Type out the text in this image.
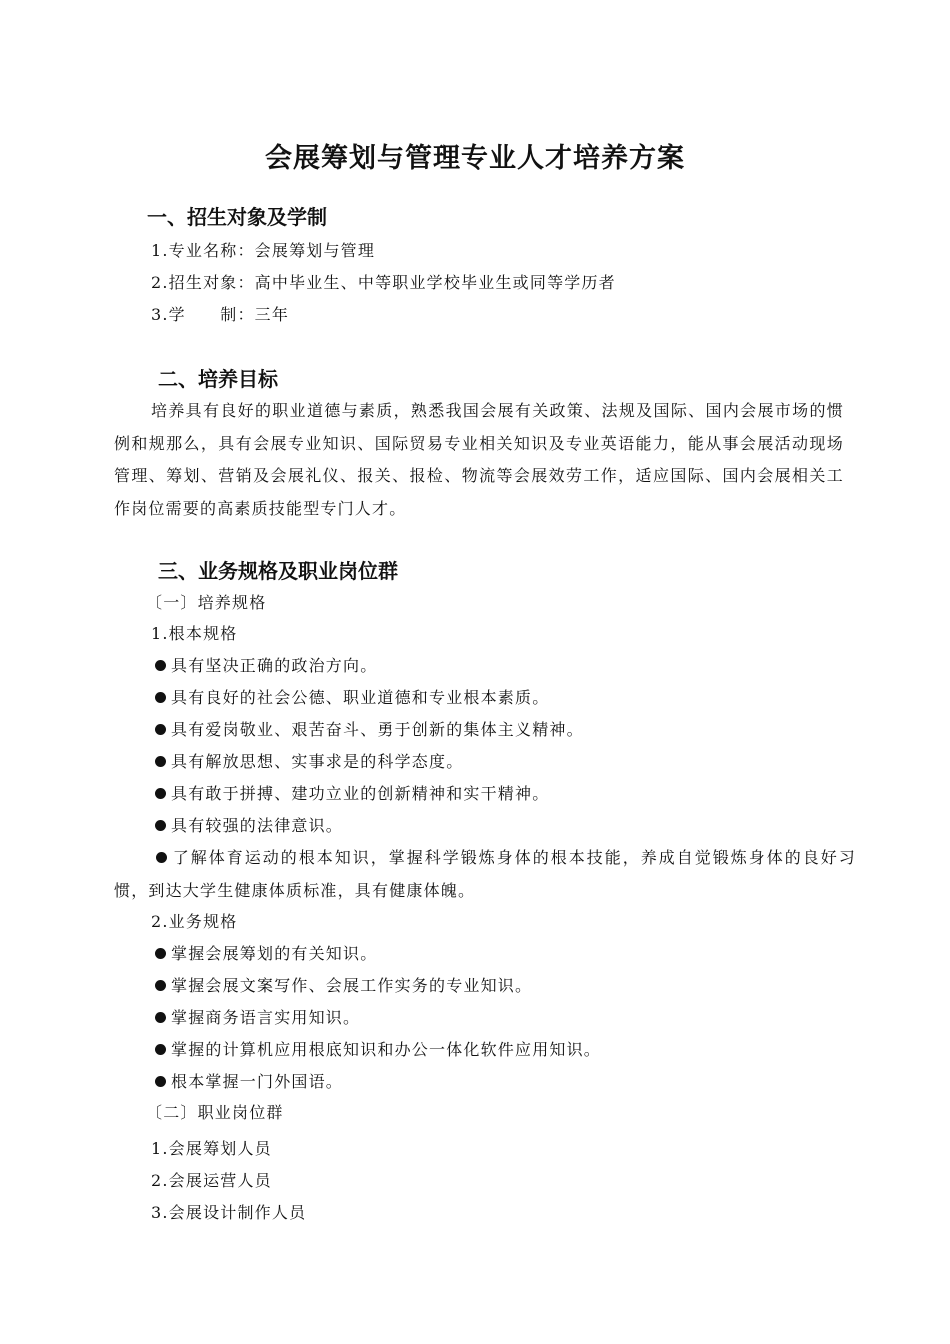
会展筹划与管理专业人才培养方案
一、招生对象及学制
1.专业名称：会展筹划与管理
2.招生对象：高中毕业生、中等职业学校毕业生或同等学历者
3.学　　制：三年
二、培养目标
培养具有良好的职业道德与素质，熟悉我国会展有关政策、法规及国际、国内会展市场的惯例和规那么，具有会展专业知识、国际贸易专业相关知识及专业英语能力，能从事会展活动现场管理、筹划、营销及会展礼仪、报关、报检、物流等会展效劳工作，适应国际、国内会展相关工作岗位需要的高素质技能型专门人才。
三、业务规格及职业岗位群
〔一〕培养规格
1.根本规格
具有坚决正确的政治方向。
具有良好的社会公德、职业道德和专业根本素质。
具有爱岗敬业、艰苦奋斗、勇于创新的集体主义精神。
具有解放思想、实事求是的科学态度。
具有敢于拼搏、建功立业的创新精神和实干精神。
具有较强的法律意识。
了解体育运动的根本知识，掌握科学锻炼身体的根本技能，养成自觉锻炼身体的良好习惯，到达大学生健康体质标准，具有健康体魄。
2.业务规格
掌握会展筹划的有关知识。
掌握会展文案写作、会展工作实务的专业知识。
掌握商务语言实用知识。
掌握的计算机应用根底知识和办公一体化软件应用知识。
根本掌握一门外国语。
〔二〕职业岗位群
1.会展筹划人员
2.会展运营人员
3.会展设计制作人员
